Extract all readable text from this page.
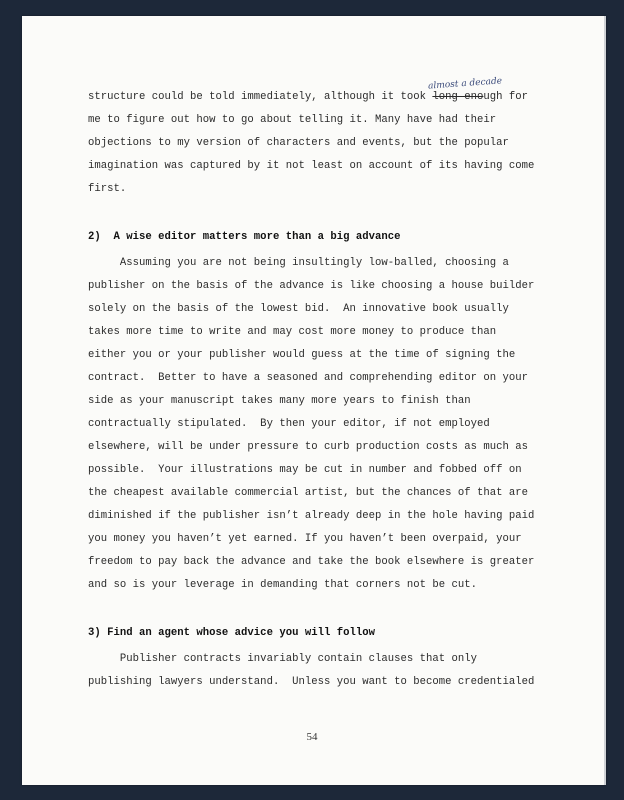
almost a decade
structure could be told immediately, although it took long enough for
me to figure out how to go about telling it. Many have had their
objections to my version of characters and events, but the popular
imagination was captured by it not least on account of its having come
first.
2)  A wise editor matters more than a big advance
Assuming you are not being insultingly low-balled, choosing a
publisher on the basis of the advance is like choosing a house builder
solely on the basis of the lowest bid.  An innovative book usually
takes more time to write and may cost more money to produce than
either you or your publisher would guess at the time of signing the
contract.  Better to have a seasoned and comprehending editor on your
side as your manuscript takes many more years to finish than
contractually stipulated.  By then your editor, if not employed
elsewhere, will be under pressure to curb production costs as much as
possible.  Your illustrations may be cut in number and fobbed off on
the cheapest available commercial artist, but the chances of that are
diminished if the publisher isn’t already deep in the hole having paid
you money you haven’t yet earned. If you haven’t been overpaid, your
freedom to pay back the advance and take the book elsewhere is greater
and so is your leverage in demanding that corners not be cut.
3) Find an agent whose advice you will follow
Publisher contracts invariably contain clauses that only
publishing lawyers understand.  Unless you want to become credentialed
54
